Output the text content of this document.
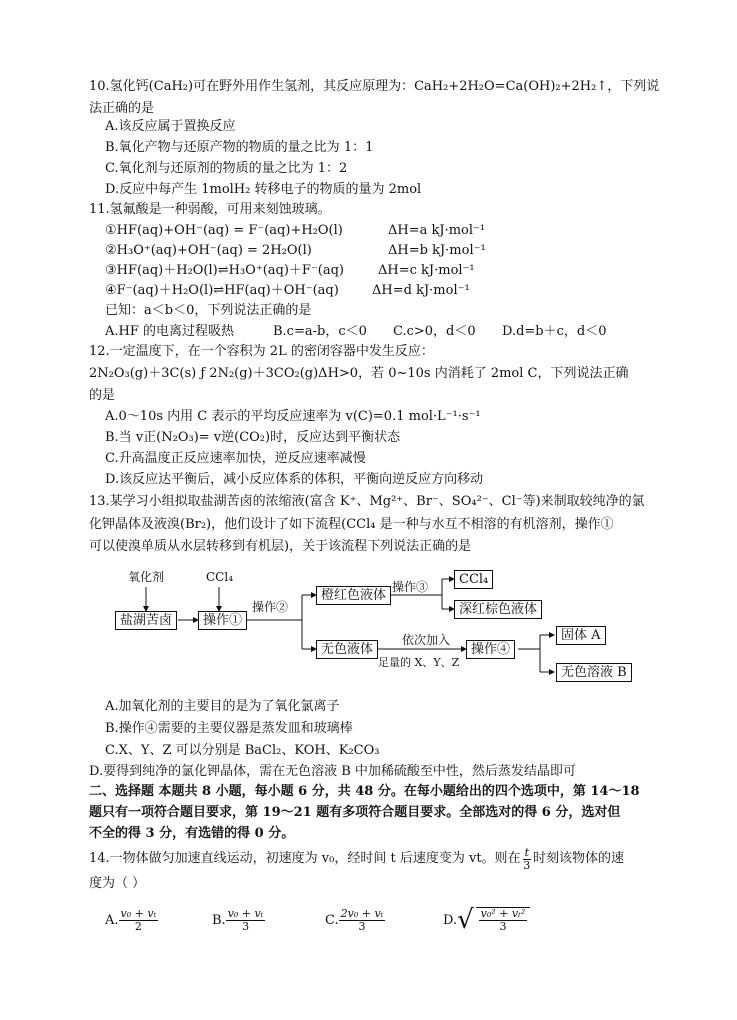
10.氢化钙(CaH₂)可在野外用作生氢剂，其反应原理为：CaH₂+2H₂O=Ca(OH)₂+2H₂↑，下列说
法正确的是
A.该反应属于置换反应
B.氧化产物与还原产物的物质的量之比为 1：1
C.氧化剂与还原剂的物质的量之比为 1：2
D.反应中每产生 1molH₂ 转移电子的物质的量为 2mol
11.氢氟酸是一种弱酸，可用来刻蚀玻璃。
①HF(aq)+OH⁻(aq) = F⁻(aq)+H₂O(l)	ΔH=a kJ·mol⁻¹
②H₃O⁺(aq)+OH⁻(aq) = 2H₂O(l)	ΔH=b kJ·mol⁻¹
③HF(aq)＋H₂O(l)⇌H₃O⁺(aq)＋F⁻(aq)	ΔH=c kJ·mol⁻¹
④F⁻(aq)＋H₂O(l)⇌HF(aq)＋OH⁻(aq)	ΔH=d kJ·mol⁻¹
已知：a＜b＜0，下列说法正确的是
A.HF 的电离过程吸热	B.c=a-b，c＜0 C.c>0，d＜0 D.d=b＋c，d＜0
12.一定温度下，在一个容积为 2L 的密闭容器中发生反应：
2N₂O₃(g)＋3C(s) ƒ 2N₂(g)＋3CO₂(g)ΔH>0，若 0~10s 内消耗了 2mol C，下列说法正确
的是
A.0～10s 内用 C 表示的平均反应速率为 v(C)=0.1 mol·L⁻¹·s⁻¹
B.当 v正(N₂O₃)= v逆(CO₂)时，反应达到平衡状态
C.升高温度正反应速率加快，逆反应速率减慢
D.该反应达平衡后，减小反应体系的体积，平衡向逆反应方向移动
13.某学习小组拟取盐湖苦卤的浓缩液(富含 K⁺、Mg²⁺、Br⁻、SO₄²⁻、Cl⁻等)来制取较纯净的氯
化钾晶体及液溴(Br₂)，他们设计了如下流程(CCl₄ 是一种与水互不相溶的有机溶剂，操作①
可以使溴单质从水层转移到有机层)，关于该流程下列说法正确的是
氧化剂	CCl₄
盐湖苦卤	操作①
操作②
橙红色液体
操作③	CCl₄
深红棕色液体
无色液体
依次加入
足量的 X、Y、Z
操作④
固体 A
无色溶液 B
A.加氧化剂的主要目的是为了氧化氯离子
B.操作④需要的主要仪器是蒸发皿和玻璃棒
C.X、Y、Z 可以分别是 BaCl₂、KOH、K₂CO₃
D.要得到纯净的氯化钾晶体，需在无色溶液 B 中加稀硫酸至中性，然后蒸发结晶即可
二、选择题 本题共 8 小题，每小题 6 分，共 48 分。在每小题给出的四个选项中，第 14～18
题只有一项符合题目要求，第 19～21 题有多项符合题目要求。全部选对的得 6 分，选对但
不全的得 3 分，有选错的得 0 分。
14.一物体做匀加速直线运动，初速度为 v₀，经时间 t 后速度变为 vt。则在 $\frac{t}{3}$ 时刻该物体的速
度为（ ）
A. $\frac{\text{v₀ + vₜ}}{2}$	B. $\frac{\text{v₀ + vₜ}}{3}$	C. $\frac{\text{2v₀ + vₜ}}{3}$	D. √ $\frac{\text{v₀² + vₜ²}}{3}$
